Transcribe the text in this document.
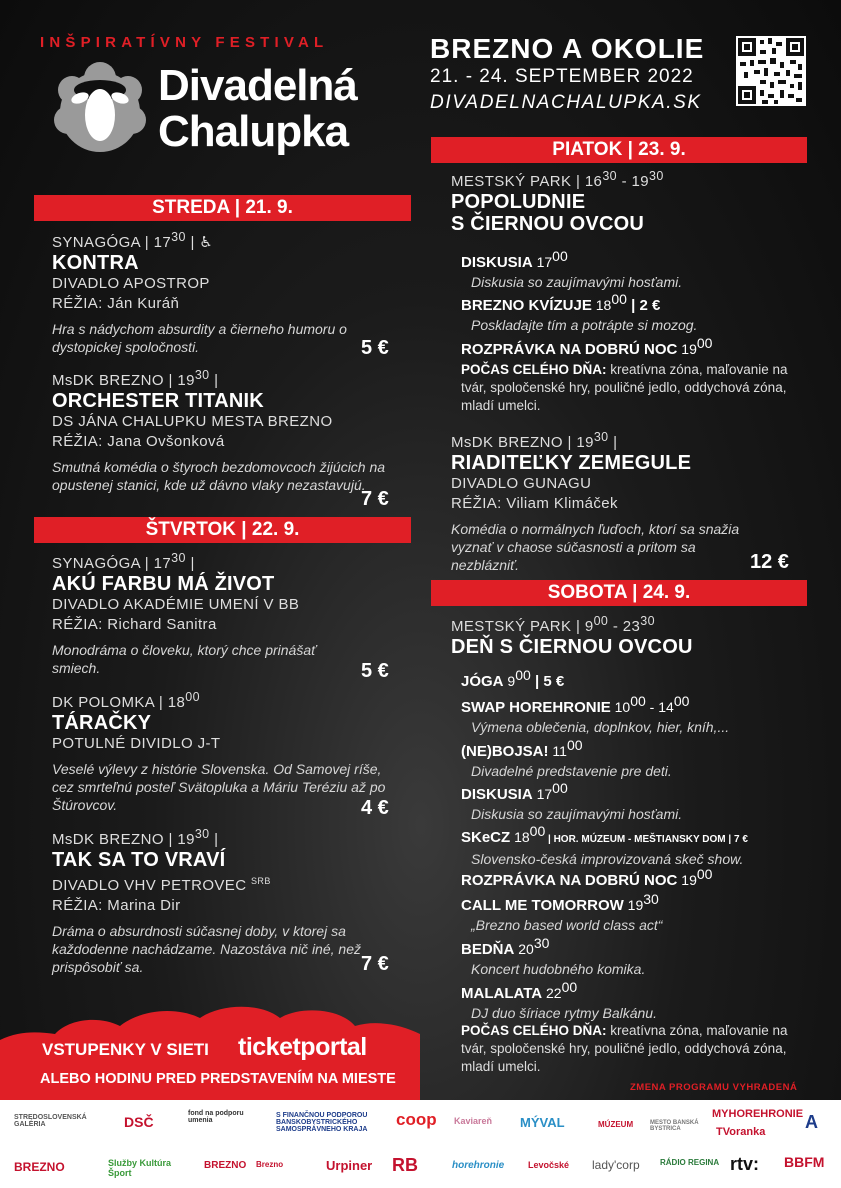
INŠPIRATÍVNY FESTIVAL
Divadelná
Chalupka
BREZNO A OKOLIE
21. - 24. SEPTEMBER 2022
DIVADELNACHALUPKA.SK
STREDA | 21. 9.
SYNAGÓGA | $17^{30}$ | ♿
KONTRA
DIVADLO APOSTROP
RÉŽIA: Ján Kuráň
Hra s nádychom absurdity a čierneho humoru o dystopickej spoločnosti.	5 €
MsDK BREZNO | $19^{30}$ |
ORCHESTER TITANIK
DS JÁNA CHALUPKU MESTA BREZNO
RÉŽIA: Jana Ovšonková
Smutná komédia o štyroch bezdomovcoch žijúcich na opustenej stanici, kde už dávno vlaky nezastavujú.
7 €
ŠTVRTOK | 22. 9.
SYNAGÓGA | $17^{30}$ |
AKÚ FARBU MÁ ŽIVOT
DIVADLO AKADÉMIE UMENÍ V BB
RÉŽIA: Richard Sanitra
Monodráma o človeku, ktorý chce prinášať smiech.	5 €
DK POLOMKA | $18^{00}$
TÁRAČKY
POTULNÉ DIVIDLO J-T
Veselé výlevy z histórie Slovenska. Od Samovej ríše, cez smrteľnú posteľ Svätopluka a Máriu Teréziu až po Štúrovcov.	4 €
MsDK BREZNO | $19^{30}$ |
TAK SA TO VRAVÍ
DIVADLO VHV PETROVEC $^{SRB}$
RÉŽIA: Marina Dir
Dráma o absurdnosti súčasnej doby, v ktorej sa každodenne nachádzame. Nazostáva nič iné, než prispôsobiť sa.	7 €
PIATOK | 23. 9.
MESTSKÝ PARK | $16^{30} - 19^{30}$
POPOLUDNIE
S ČIERNOU OVCOU
DISKUSIA $17^{00}$
Diskusia so zaujímavými hosťami.
BREZNO KVÍZUJE $18^{00}$ | 2 €
Poskladajte tím a potrápte si mozog.
ROZPRÁVKA NA DOBRÚ NOC $19^{00}$
POČAS CELÉHO DŇA: kreatívna zóna, maľovanie na tvár, spoločenské hry, pouličné jedlo, oddychová zóna, mladí umelci.
MsDK BREZNO | $19^{30}$ |
RIADITEĽKY ZEMEGULE
DIVADLO GUNAGU
RÉŽIA: Viliam Klimáček
Komédia o normálnych ľuďoch, ktorí sa snažia vyznať v chaose súčasnosti a pritom sa nezblázniť.	12 €
SOBOTA | 24. 9.
MESTSKÝ PARK | $9^{00} - 23^{30}$
DEŇ S ČIERNOU OVCOU
JÓGA $9^{00}$ | 5 €
SWAP HOREHRONIE $10^{00} - 14^{00}$
Výmena oblečenia, doplnkov, hier, kníh,...
(NE)BOJSA! $11^{00}$
Divadelné predstavenie pre deti.
DISKUSIA $17^{00}$
Diskusia so zaujímavými hosťami.
SKeCZ $18^{00}$ | HOR. MÚZEUM - MEŠTIANSKY DOM | 7 €
Slovensko-česká improvizovaná skeč show.
ROZPRÁVKA NA DOBRÚ NOC $19^{00}$
CALL ME TOMORROW $19^{30}$
„Brezno based world class act“
BEDŇA $20^{30}$
Koncert hudobného komika.
MALALATA $22^{00}$
DJ duo šíriace rytmy Balkánu.
POČAS CELÉHO DŇA: kreatívna zóna, maľovanie na tvár, spoločenské hry, pouličné jedlo, oddychová zóna, mladí umelci.
VSTUPENKY V SIETI ticketportal
ALEBO HODINU PRED PREDSTAVENÍM NA MIESTE
ZMENA PROGRAMU VYHRADENÁ
STREDOSLOVENSKÁ GALÉRIA	DSČ
fond na podporu umenia
S FINANČNOU PODPOROU BANSKOBYSTRICKÉHO SAMOSPRÁVNEHO KRAJA
coop Kaviareň MÝVAL	MÚZEUM	MESTO BANSKÁ BYSTRICA
MYHOREHRONIE
TVoranka A
BREZNO	Služby Kultúra Šport
BREZNO Brezno	Urpiner RB	horehronie	Levočské lady'corp	RÁDIO REGINA rtv: BBFM
